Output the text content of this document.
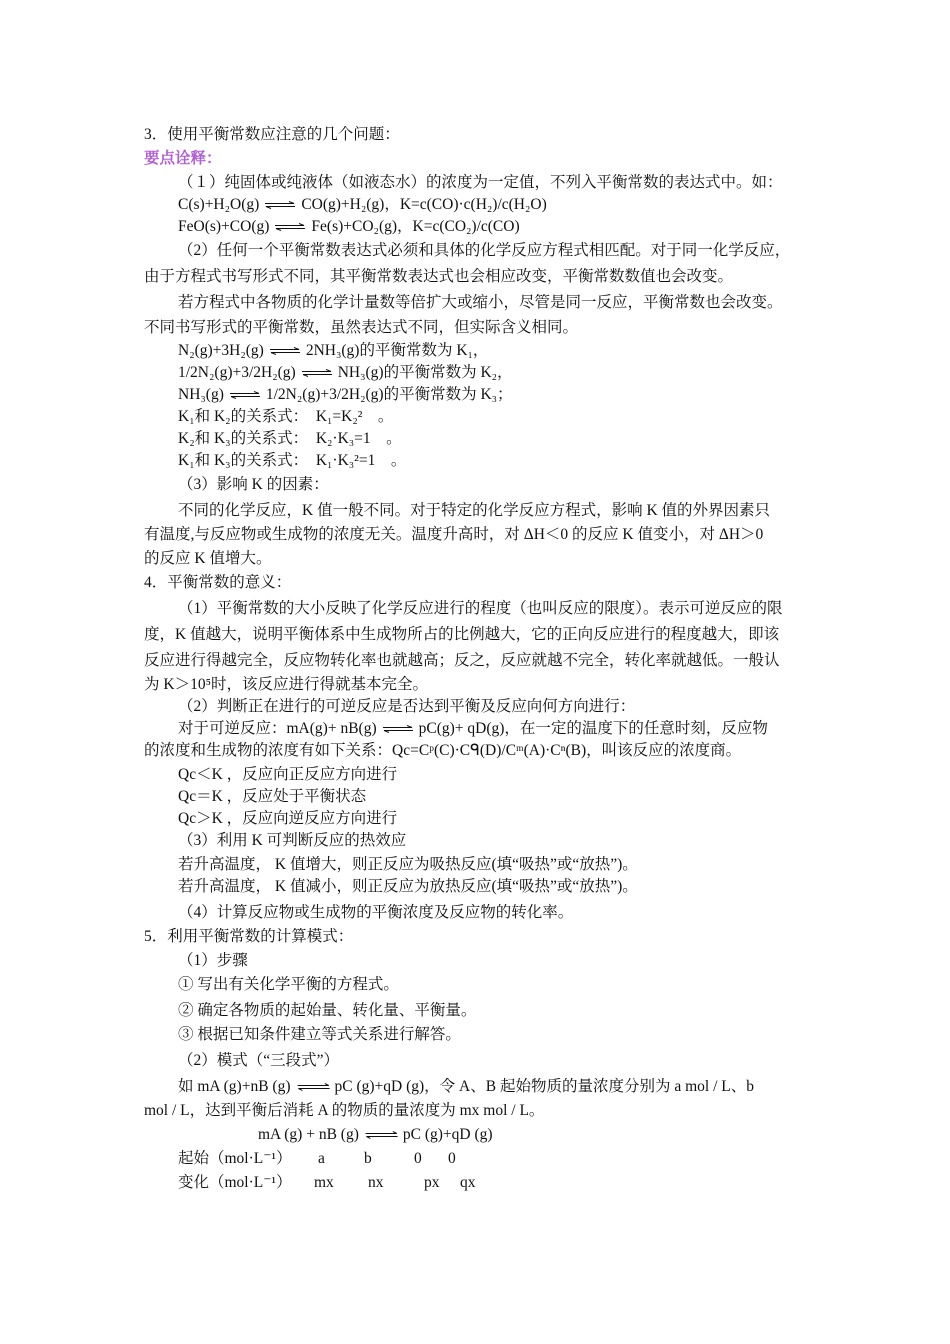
3．使用平衡常数应注意的几个问题：
要点诠释：
（１）纯固体或纯液体（如液态水）的浓度为一定值，不列入平衡常数的表达式中。如：
C(s)+H₂O(g) ⇌ CO(g)+H₂(g)，K=c(CO)·c(H₂)/c(H₂O)
FeO(s)+CO(g) ⇌ Fe(s)+CO₂(g)，K=c(CO₂)/c(CO)
（2）任何一个平衡常数表达式必须和具体的化学反应方程式相匹配。对于同一化学反应，
由于方程式书写形式不同，其平衡常数表达式也会相应改变，平衡常数数值也会改变。
若方程式中各物质的化学计量数等倍扩大或缩小，尽管是同一反应，平衡常数也会改变。
不同书写形式的平衡常数，虽然表达式不同，但实际含义相同。
N₂(g)+3H₂(g) ⇌ 2NH₃(g)的平衡常数为 K₁，
1/2N₂(g)+3/2H₂(g) ⇌ NH₃(g)的平衡常数为 K₂，
NH₃(g) ⇌ 1/2N₂(g)+3/2H₂(g)的平衡常数为 K₃；
K₁和 K₂的关系式：　K₁=K₂²　。
K₂和 K₃的关系式：　K₂·K₃=1　。
K₁和 K₃的关系式：　K₁·K₃²=1　。
（3）影响 K 的因素：
不同的化学反应，K 值一般不同。对于特定的化学反应方程式，影响 K 值的外界因素只
有温度,与反应物或生成物的浓度无关。温度升高时，对 ΔH＜0 的反应 K 值变小，对 ΔH＞0
的反应 K 值增大。
4．平衡常数的意义：
（1）平衡常数的大小反映了化学反应进行的程度（也叫反应的限度）。表示可逆反应的限
度，K 值越大，说明平衡体系中生成物所占的比例越大，它的正向反应进行的程度越大，即该
反应进行得越完全，反应物转化率也就越高；反之，反应就越不完全，转化率就越低。一般认
为 K＞10⁵时，该反应进行得就基本完全。
（2）判断正在进行的可逆反应是否达到平衡及反应向何方向进行：
对于可逆反应：mA(g)+ nB(g) ⇌ pC(g)+ qD(g)，在一定的温度下的任意时刻，反应物
的浓度和生成物的浓度有如下关系：Qc=Cᵖ(C)·Cᑫ(D)/Cᵐ(A)·Cⁿ(B)，叫该反应的浓度商。
Qc＜K ，反应向正反应方向进行
Qc＝K ，反应处于平衡状态
Qc＞K ，反应向逆反应方向进行
（3）利用 K 可判断反应的热效应
若升高温度， K 值增大，则正反应为吸热反应(填“吸热”或“放热”)。
若升高温度， K 值减小，则正反应为放热反应(填“吸热”或“放热”)。
（4）计算反应物或生成物的平衡浓度及反应物的转化率。
5．利用平衡常数的计算模式：
（1）步骤
① 写出有关化学平衡的方程式。
② 确定各物质的起始量、转化量、平衡量。
③ 根据已知条件建立等式关系进行解答。
（2）模式（“三段式”）
如 mA (g)+nB (g)⇌pC (g)+qD (g)，令 A、B 起始物质的量浓度分别为 a mol / L、b
mol / L，达到平衡后消耗 A 的物质的量浓度为 mx mol / L。
mA (g) + nB (g)⇌pC (g)+qD (g)
起始（mol·L⁻¹） a	b	0 0
变化（mol·L⁻¹） mx nx	px qx
